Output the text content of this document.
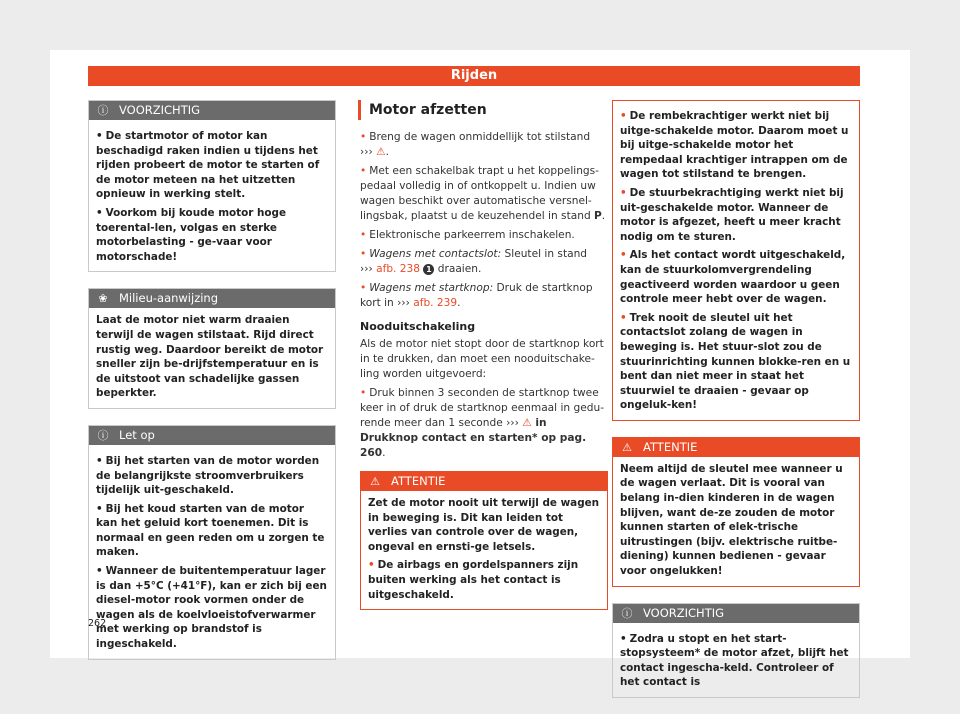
Rijden
ⓘ VOORZICHTIG
• De startmotor of motor kan beschadigd raken indien u tijdens het rijden probeert de motor te starten of de motor meteen na het uitzetten opnieuw in werking stelt.
• Voorkom bij koude motor hoge toerental-len, volgas en sterke motorbelasting - ge-vaar voor motorschade!
❀ Milieu-aanwijzing
Laat de motor niet warm draaien terwijl de wagen stilstaat. Rijd direct rustig weg. Daardoor bereikt de motor sneller zijn be-drijfstemperatuur en is de uitstoot van schadelijke gassen beperkter.
ⓘ Let op
• Bij het starten van de motor worden de belangrijkste stroomverbruikers tijdelijk uit-geschakeld.
• Bij het koud starten van de motor kan het geluid kort toenemen. Dit is normaal en geen reden om u zorgen te maken.
• Wanneer de buitentemperatuur lager is dan +5°C (+41°F), kan er zich bij een diesel-motor rook vormen onder de wagen als de koelvloeistofverwarmer met werking op brandstof is ingeschakeld.
Motor afzetten

• Breng de wagen onmiddellijk tot stilstand
››› ⚠.

• Met een schakelbak trapt u het koppelings-pedaal volledig in of ontkoppelt u. Indien uw wagen beschikt over automatische versnel-lingsbak, plaatst u de keuzehendel in stand P.

• Elektronische parkeerrem inschakelen.

• Wagens met contactslot: Sleutel in stand
››› afb. 238 1 draaien.

• Wagens met startknop: Druk de startknop kort in ››› afb. 239.

Nooduitschakeling

Als de motor niet stopt door de startknop kort in te drukken, dan moet een nooduitschake-ling worden uitgevoerd:

• Druk binnen 3 seconden de startknop twee keer in of druk de startknop eenmaal in gedu-rende meer dan 1 seconde ››› ⚠ in Drukknop contact en starten* op pag. 260.

⚠ ATTENTIE
Zet de motor nooit uit terwijl de wagen in beweging is. Dit kan leiden tot verlies van controle over de wagen, ongeval en ernsti-ge letsels.
• De airbags en gordelspanners zijn buiten werking als het contact is uitgeschakeld.
• De rembekrachtiger werkt niet bij uitge-schakelde motor. Daarom moet u bij uitge-schakelde motor het rempedaal krachtiger intrappen om de wagen tot stilstand te brengen.
• De stuurbekrachtiging werkt niet bij uit-geschakelde motor. Wanneer de motor is afgezet, heeft u meer kracht nodig om te sturen.
• Als het contact wordt uitgeschakeld, kan de stuurkolomvergrendeling geactiveerd worden waardoor u geen controle meer hebt over de wagen.
• Trek nooit de sleutel uit het contactslot zolang de wagen in beweging is. Het stuur-slot zou de stuurinrichting kunnen blokke-ren en u bent dan niet meer in staat het stuurwiel te draaien - gevaar op ongeluk-ken!
⚠ ATTENTIE
Neem altijd de sleutel mee wanneer u de wagen verlaat. Dit is vooral van belang in-dien kinderen in de wagen blijven, want de-ze zouden de motor kunnen starten of elek-trische uitrustingen (bijv. elektrische ruitbe-diening) kunnen bedienen - gevaar voor ongelukken!
ⓘ VOORZICHTIG
• Zodra u stopt en het start-stopsysteem* de motor afzet, blijft het contact ingescha-keld. Controleer of het contact is
262
